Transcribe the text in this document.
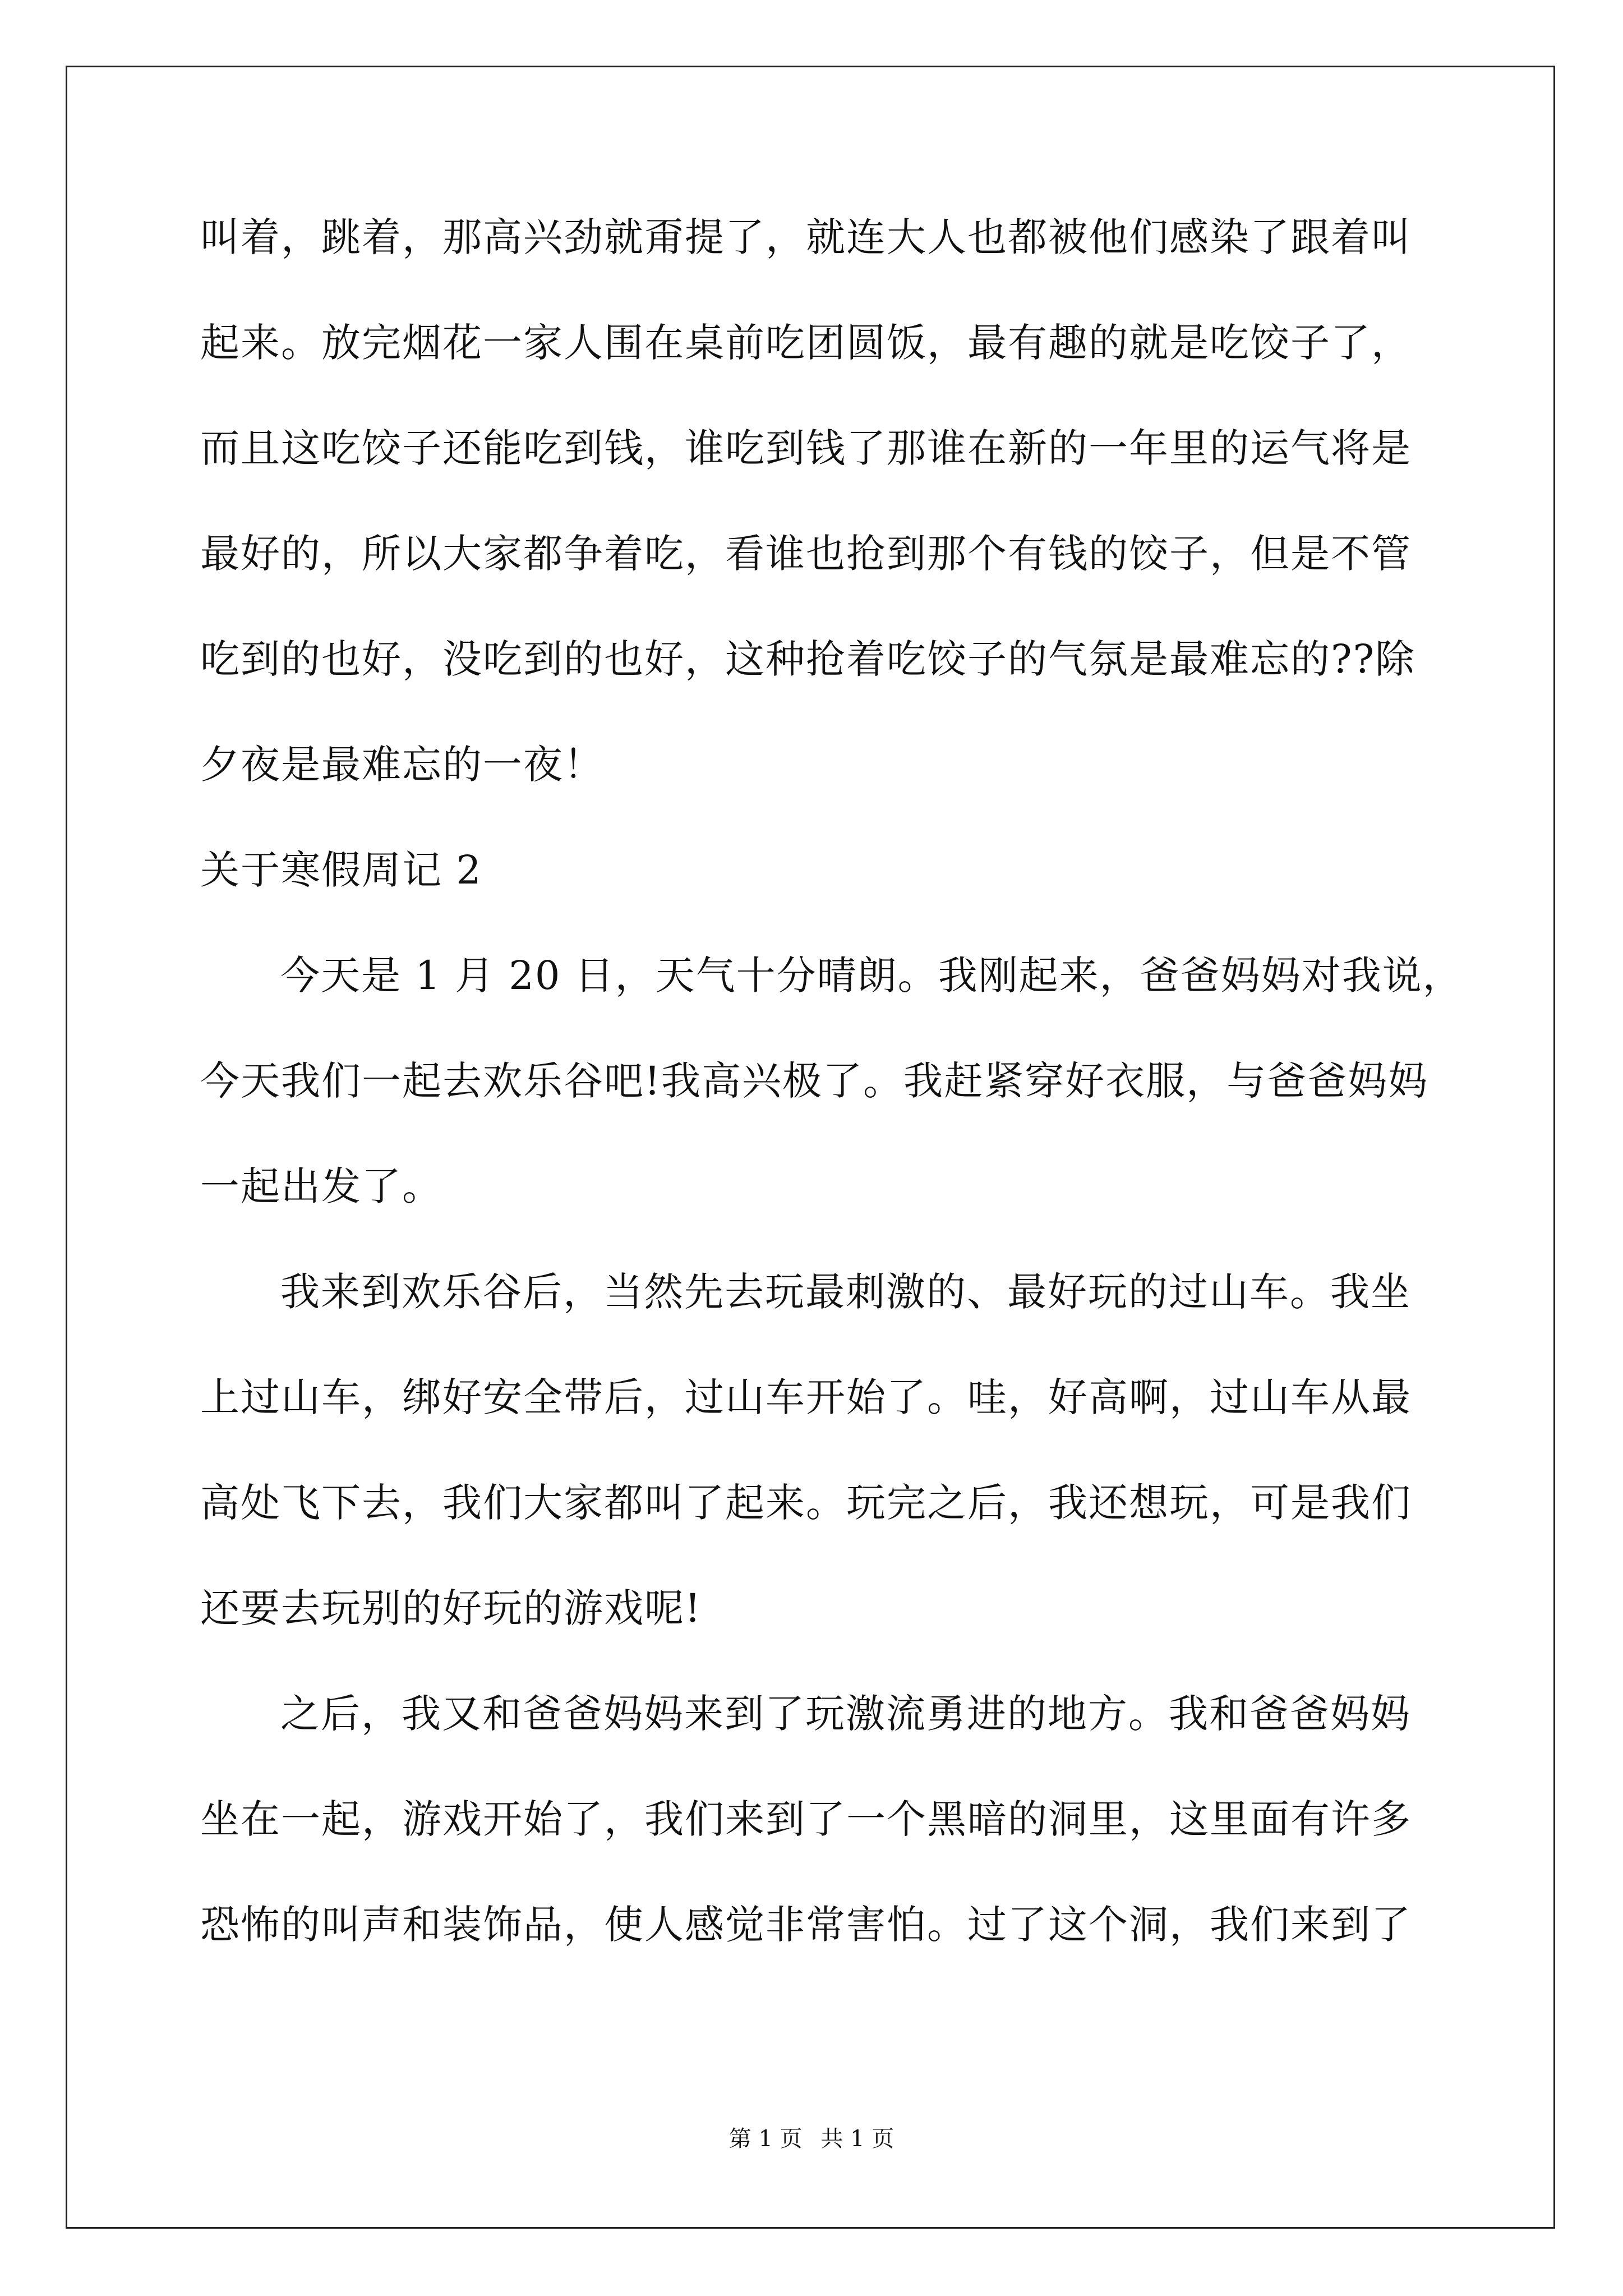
叫着，跳着，那高兴劲就甭提了，就连大人也都被他们感染了跟着叫
起来。放完烟花一家人围在桌前吃团圆饭，最有趣的就是吃饺子了，
而且这吃饺子还能吃到钱，谁吃到钱了那谁在新的一年里的运气将是
最好的，所以大家都争着吃，看谁也抢到那个有钱的饺子，但是不管
吃到的也好，没吃到的也好，这种抢着吃饺子的气氛是最难忘的??除
夕夜是最难忘的一夜！
关于寒假周记 2
今天是 1 月 20 日，天气十分晴朗。我刚起来，爸爸妈妈对我说，
今天我们一起去欢乐谷吧!我高兴极了。我赶紧穿好衣服，与爸爸妈妈
一起出发了。
我来到欢乐谷后，当然先去玩最刺激的、最好玩的过山车。我坐
上过山车，绑好安全带后，过山车开始了。哇，好高啊，过山车从最
高处飞下去，我们大家都叫了起来。玩完之后，我还想玩，可是我们
还要去玩别的好玩的游戏呢!
之后，我又和爸爸妈妈来到了玩激流勇进的地方。我和爸爸妈妈
坐在一起，游戏开始了，我们来到了一个黑暗的洞里，这里面有许多
恐怖的叫声和装饰品，使人感觉非常害怕。过了这个洞，我们来到了
第 1 页 共 1 页
